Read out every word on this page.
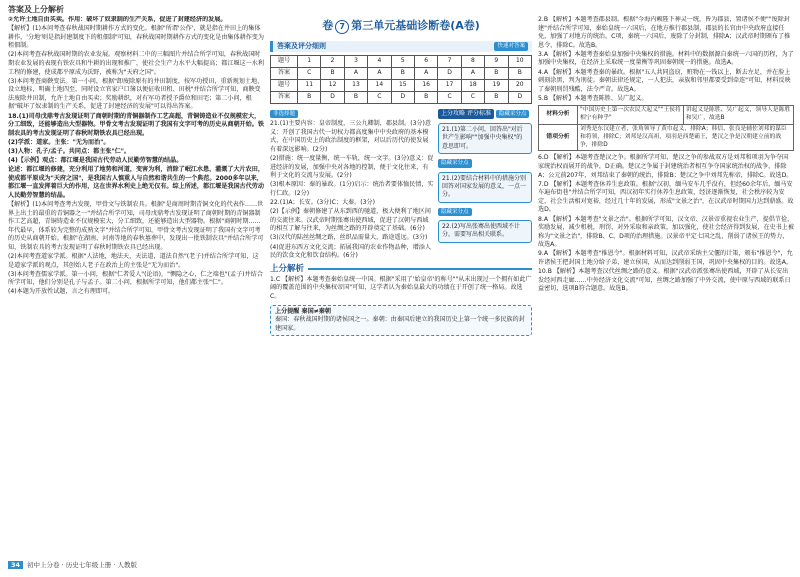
答案及上分解析

②允许土地自由买卖。作用：破坏了奴隶制的生产关系，促进了封建经济的发展。

【解析】(1)本问考查春秋战国时期耕作方式的变化。根据"所谓'公作'，就是指在井田上的集体耕作，'分地'则是指封建制度下的租佃制"可知，春秋战国时期耕作方式的变化是由集体耕作变为租佃制。

(2)本问考查春秋战国时期的农业发展。观察材料二中的三幅图片并结合所学可知，春秋战国时期农业发展的表现有铁农具和牛耕的出现和推广，使社会生产力水平大幅提高；都江堰这一水利工程的修建，使成都平原成为沃野，被称为"天府之国"。

(3)本问考查商鞅变法。第一小问，根据"卸废除原有的井田制度，按军功授田，重新规划土地，设立地标，明确土地四至，同时设立官家户口簿以便征收田租、田税"并结合所学可知，商鞅变法废除井田制，允许土地自由买卖；奖励耕织，对有军功者授予爵位和田宅；第二小问，根据"破坏了奴隶制的生产关系，促进了封建经济的发展"可以得出答案。

18.(1)司母戊鼎考古发现证明了商朝时期的青铜器制作工艺高超，青铜铸造业不仅规模宏大，分工细致，还能够造出大型器物。甲骨文考古发现证明了我国有文字可考的历史从商朝开始。铁制农具的考古发现证明了春秋时期铁农具已经出现。

(2)学派：道家。主张："无为而治"。

(3)人物：孔子/孟子。共同点：都主张"仁"。

(4)【示例】观点：都江堰是我国古代劳动人民勤劳智慧的结晶。

论述：都江堰的修建，充分利用了地势和河道，变害为利，消除了岷江水患，灌溉了大片农田，使成都平原成为"天府之国"，是我国古人慎重人与自然和谐共生的一个典范。2000多年以来，都江堰一直发挥着巨大的作用，这在世界水利史上绝无仅有。综上所述，都江堰是我国古代劳动人民勤劳智慧的结晶。

【解析】(1)本问考查考古发现，甲骨文与铁制农具。根据"是商周时期青铜文化的代表作……世界上出土的最重的青铜器之一"并结合所学可知，司母戊鼎考古发现证明了商朝时期的青铜器制作工艺高超，青铜铸造业不仅规模宏大，分工细致，还能够造出大型器物。根据"商朝时期……年代最早，体系较为完整的成熟文字"并结合所学可知，甲骨文考古发现证明了我国有文字可考的历史从商朝开始。根据"在湖南、河南等地的春秋墓葬中，发现出一批铁制农具"并结合所学可知，铁制农具的考古发现证明了春秋时期铁农具已经出现。

(2)本问考查道家学派。根据"人法地，地法天，天法道，道法自然"(老子)并结合所学可知，这是道家学派的观点，其创始人老子在政治上的主张是"无为而治"。

(3)本问考查儒家学派。第一小问，根据"仁者爱人"(论语)，"恻隐之心，仁之端也"(孟子)并结合所学可知，他们分别是孔子与孟子。第二小问，根据所学可知，他们都主张"仁"。

(4)本题为开放性试题，言之有理即可。

卷 7 第三单元基础诊断卷(A卷)
答案及评分细则	快速对答案
题号	1	2	3	4	5	6	7	8	9	10
答案	C	B	A	A	B	A	D	A	B	B
题号	11	12	13	14	15	16	17	18	19	20
答案	B	D	B	C	D	B	C	C	B	D
非选择题

21.(1)主要内容：皇帝制度，三公九卿制，郡县制。(3分)意义：开创了我国古代一切权力都高度集中中央政府的基本模式，在中国历史上的政治制度的框架，对以后历代的使发展有着深远影响。(2分)

(2)措施：统一度量衡，统一车轨，统一文字。(3分)意义：促进经济的发展，加强中央对各地的控制，便于文化往来，有利于文化的交流与发展。(2分)

(3)根本原因：秦的暴政。(1分)启示：统治者要体恤民情，实行仁政。(2分)

22.(1)A；长安。(3分)C；大秦。(3分)

(2)【示例】秦朝修建了从东到西的驰道，极大便利了地区间的交流往来。汉武帝时期张骞出使西域，促进了汉朝与西域的相互了解与往来，为丝绸之路的开辟奠定了基础。(6分)

(3)汉代的陆丝丝绸之路，丝织品需量大，路途遥远。(3分)

(4)促进东西方文化交流；拓展我国的农业作物品种，增添人民的饮食文化和饮食结构。(6分)

上分攻略 评分标准 隐藏采分点
21.(1)第二小问，回答出"对后世产生影响""加强中央集权"的意思即可。
隐藏采分点
21.(2)要结合材料中的措施分别回答对国家发展的意义，一点一分。
隐藏采分点
22.(2)写出张骞出使西域不计分，需要写出相关联系。
上分解析

1.C 【解析】本题考查秦始皇统一中国。根据"采用了'始皇帝'的称号""从未出现过一个拥有如此广阔的覆盖范围的中央集权帝国"可知，这学者认为秦始皇最大的功绩在于开创了统一格局。故选C。

上分提醒 秦国≠秦朝
秦国：春秋战国时期的诸侯国之一。秦朝：由秦国后建立的我国历史上第一个统一多民族的封建国家。

2.B 【解析】本题考查郡县制。根据"今海内赖陛下神灵一统，皆为郡县，置诸侯不便""废除封建"并结合所学可知，秦始皇统一六国后，在地方推行郡县制，郡县的长官由中央政府直接任免，加强了对地方的统治。C项，秦统一六国后，废除了分封制，排除A；汉武帝时期颁布了推恩令，排除C。故选B。

3.A 【解析】本题考查秦始皇加强中央集权的措施。材料中的数据源自秦统一六国的历程，为了加强中央集权，在经济上采取统一度量衡等巩固秦朝统一的措施。故选A。

4.A 【解析】本题考查秦的暴政。根据"五人共同盗窃，赃物在一钱以上，断去左足，并在脸上刺刻涂黑，判为刑徒。秦朝法律还规定，一人犯法，亲族和邻里都要受到牵连"可知，材料反映了秦朝刑罚残酷，法令严苛。故选A。

5.B 【解析】本题考查陈胜、吴广起义。

材料分析	"中国历史上第一次农民大起义""王侯将相宁有种乎"	讲起义是陈胜、吴广起义，领导人是陈胜和吴广，故选B
错项分析	刘秀是东汉建立者，张角领导了黄巾起义，排除A；韩信、张良是辅佐刘邦的谋臣和将领，排除C；刘邦是汉高祖，项羽是西楚霸王，楚汉之争是汉朝建立前的战争，排除D	

6.D 【解析】本题考查楚汉之争。根据所学可知，楚汉之争的参战双方是刘邦和项羽为争夺国家统治权而展开的战争，D正确。楚汉之争属于封建统治者相互争夺国家统治权的战争，排除A；公元前207年，刘邦结束了秦朝的统治，排除B；楚汉之争中刘邦先称帝，排除C。故选D。

7.D 【解析】本题考查休养生息政策。根据"汉初，缅马安车几乎没有，但经60余年后，缅马安车遍布街巷"并结合所学可知，西汉初年实行休养生息政策，经济逐渐恢复，社会秩序较为安定，社会生活相对宽裕，经过几十年的发展，形成"文景之治"，在汉武帝时期国力达到鼎盛。故选D。

8.A 【解析】本题考查"文景之治"。根据所学可知，汉文帝、汉景帝重视农业生产，提倡节俭，奖励发展，减少租税，刑罚，对外采取和亲政策，加以强化，使社会经济得到发展，在史书上被称为"文景之治"，排除B、C、D项的治理措施。汉景帝平定七国之乱，削弱了诸侯王的势力，故选A。

9.A 【解析】本题考查"推恩令"。根据材料可知，汉武帝采纳主父偃的计策，颁布"推恩令"，允许诸侯王把封国土地分给子弟，建立侯国，从而达到削弱王国，巩固中央集权的目的。故选A。

10.B 【解析】本题考查汉代丝绸之路的意义。根据"汉武帝派张骞出使西域，开辟了从长安出发经河西走廊……中外经济文化交流"可知，丝绸之路加强了中外交流，使中原与西域的联系日益密切，选项B符合题意。故选B。

34 初中上分卷 · 历史七年级上册 · 人教版
